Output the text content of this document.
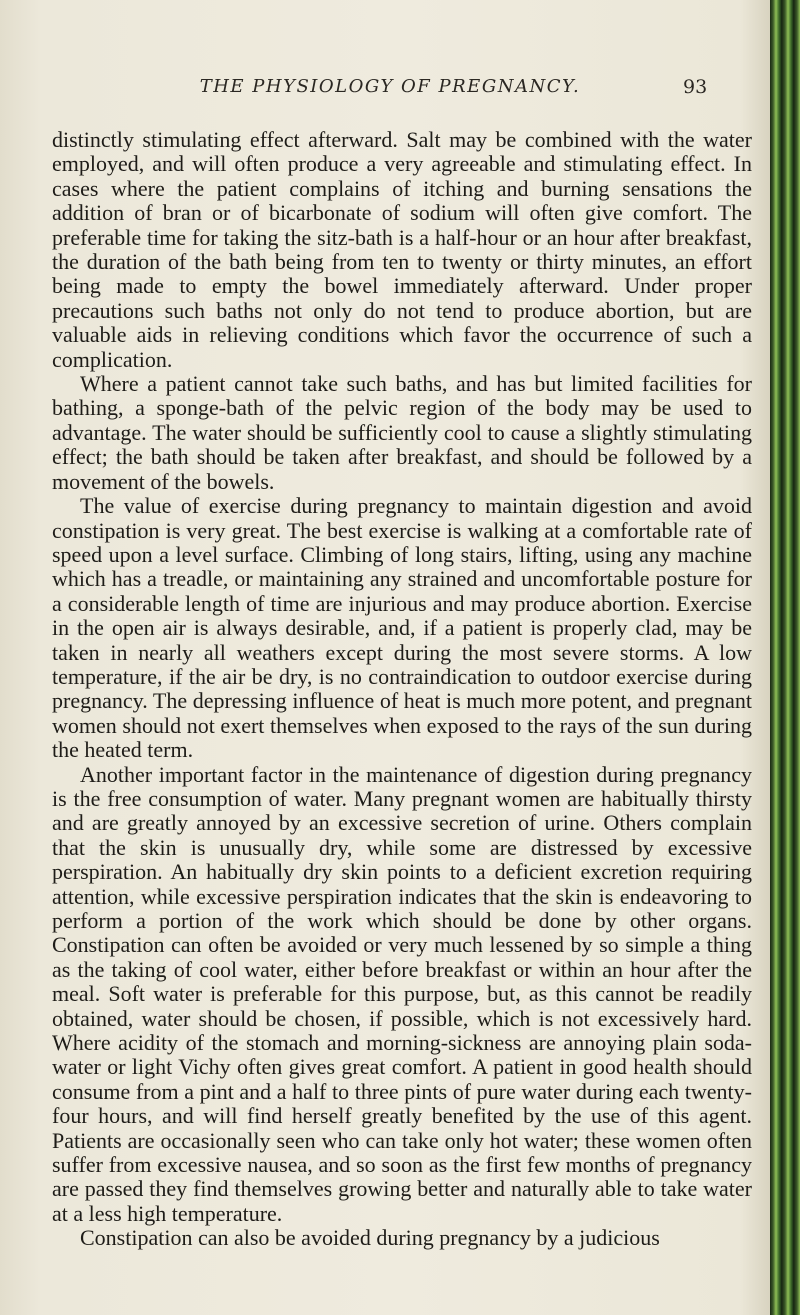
THE PHYSIOLOGY OF PREGNANCY.	93

distinctly stimulating effect afterward. Salt may be combined with the water employed, and will often produce a very agreeable and stimulating effect. In cases where the patient complains of itching and burning sensations the addition of bran or of bicarbonate of sodium will often give comfort. The preferable time for taking the sitz-bath is a half-hour or an hour after breakfast, the duration of the bath being from ten to twenty or thirty minutes, an effort being made to empty the bowel immediately afterward. Under proper precautions such baths not only do not tend to produce abortion, but are valuable aids in relieving conditions which favor the occurrence of such a complication.

Where a patient cannot take such baths, and has but limited facilities for bathing, a sponge-bath of the pelvic region of the body may be used to advantage. The water should be sufficiently cool to cause a slightly stimulating effect; the bath should be taken after breakfast, and should be followed by a movement of the bowels.

The value of exercise during pregnancy to maintain digestion and avoid constipation is very great. The best exercise is walking at a comfortable rate of speed upon a level surface. Climbing of long stairs, lifting, using any machine which has a treadle, or maintaining any strained and uncomfortable posture for a considerable length of time are injurious and may produce abortion. Exercise in the open air is always desirable, and, if a patient is properly clad, may be taken in nearly all weathers except during the most severe storms. A low temperature, if the air be dry, is no contraindication to outdoor exercise during pregnancy. The depressing influence of heat is much more potent, and pregnant women should not exert themselves when exposed to the rays of the sun during the heated term.

Another important factor in the maintenance of digestion during pregnancy is the free consumption of water. Many pregnant women are habitually thirsty and are greatly annoyed by an excessive secretion of urine. Others complain that the skin is unusually dry, while some are distressed by excessive perspiration. An habitually dry skin points to a deficient excretion requiring attention, while excessive perspiration indicates that the skin is endeavoring to perform a portion of the work which should be done by other organs. Constipation can often be avoided or very much lessened by so simple a thing as the taking of cool water, either before breakfast or within an hour after the meal. Soft water is preferable for this purpose, but, as this cannot be readily obtained, water should be chosen, if possible, which is not excessively hard. Where acidity of the stomach and morning-sickness are annoying plain soda-water or light Vichy often gives great comfort. A patient in good health should consume from a pint and a half to three pints of pure water during each twenty-four hours, and will find herself greatly benefited by the use of this agent. Patients are occasionally seen who can take only hot water; these women often suffer from excessive nausea, and so soon as the first few months of pregnancy are passed they find themselves growing better and naturally able to take water at a less high temperature.

Constipation can also be avoided during pregnancy by a judicious
